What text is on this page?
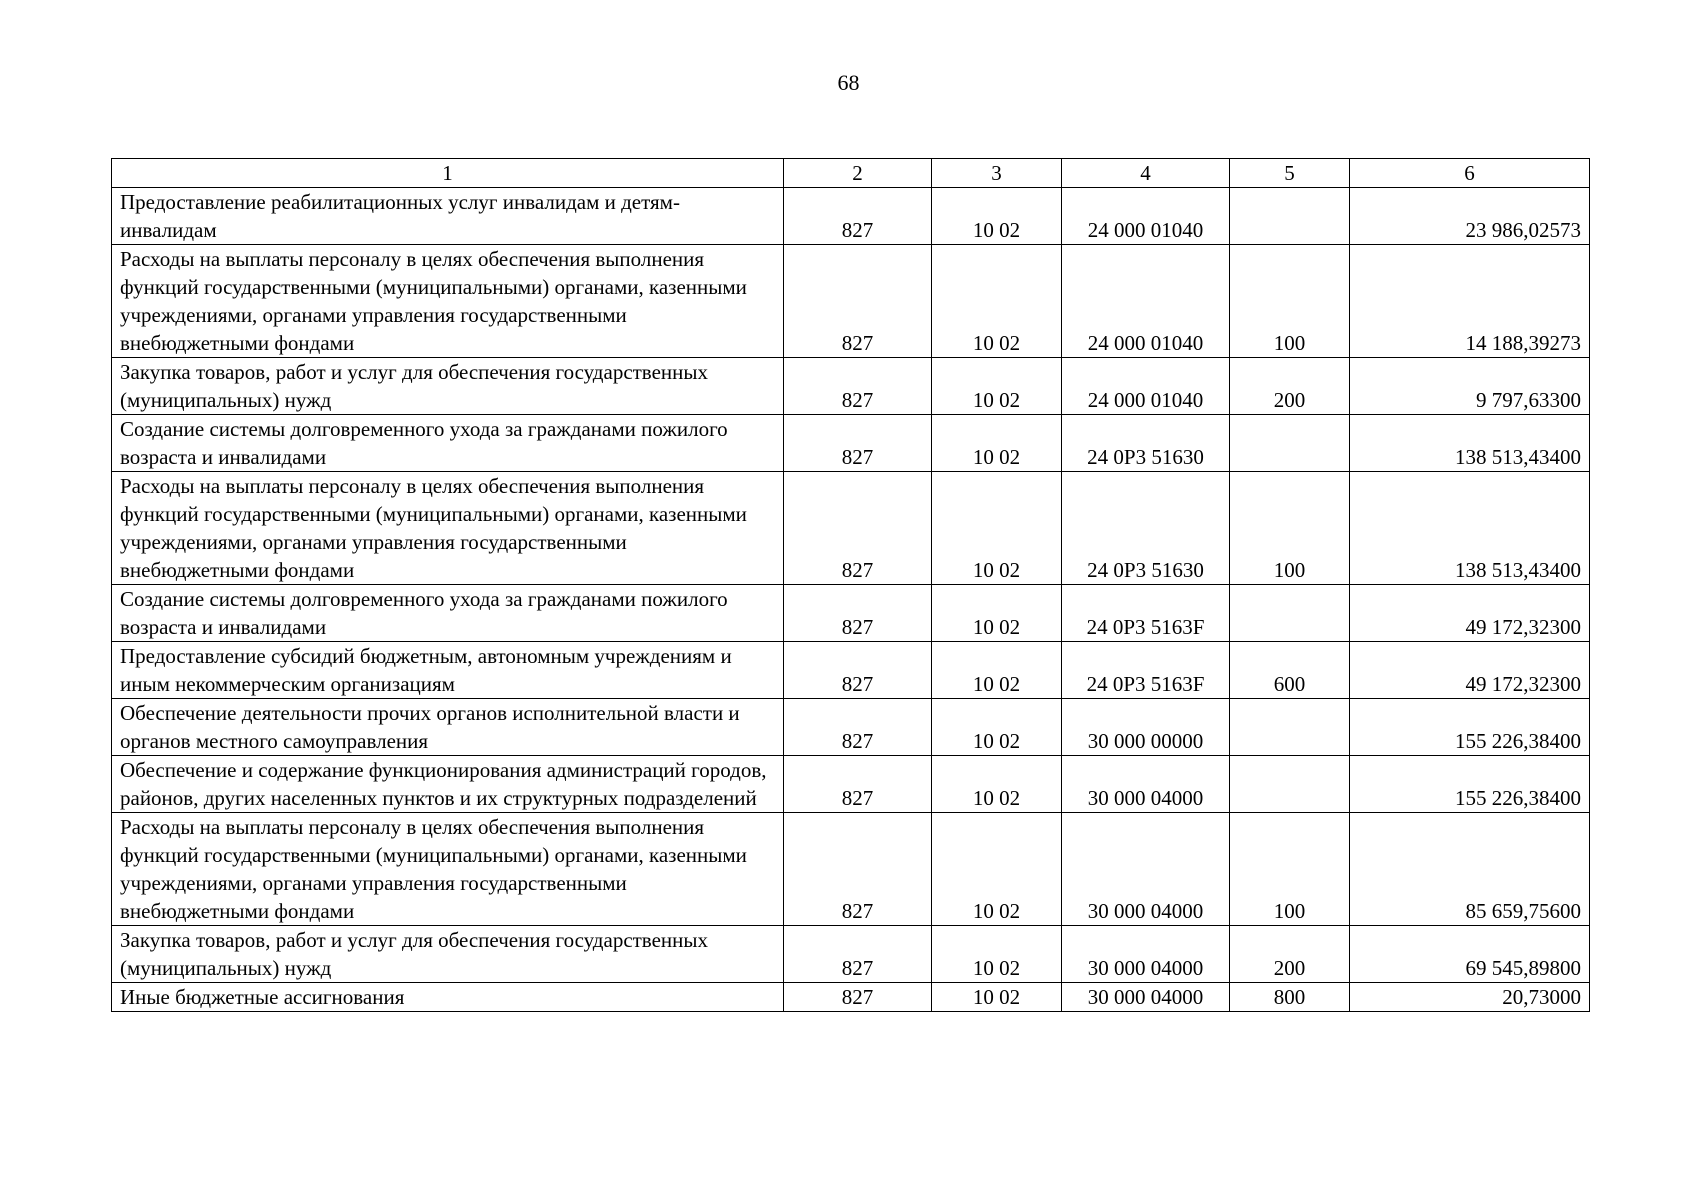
68
1	2	3	4	5	6
Предоставление реабилитационных услуг инвалидам и детям-инвалидам	827	10 02	24 000 01040		23 986,02573
Расходы на выплаты персоналу в целях обеспечения выполнения функций государственными (муниципальными) органами, казенными учреждениями, органами управления государственными внебюджетными фондами	827	10 02	24 000 01040	100	14 188,39273
Закупка товаров, работ и услуг для обеспечения государственных (муниципальных) нужд	827	10 02	24 000 01040	200	9 797,63300
Создание системы долговременного ухода за гражданами пожилого возраста и инвалидами	827	10 02	24 0P3 51630		138 513,43400
Расходы на выплаты персоналу в целях обеспечения выполнения функций государственными (муниципальными) органами, казенными учреждениями, органами управления государственными внебюджетными фондами	827	10 02	24 0P3 51630	100	138 513,43400
Создание системы долговременного ухода за гражданами пожилого возраста и инвалидами	827	10 02	24 0P3 5163F		49 172,32300
Предоставление субсидий бюджетным, автономным учреждениям и иным некоммерческим организациям	827	10 02	24 0P3 5163F	600	49 172,32300
Обеспечение деятельности прочих органов исполнительной власти и органов местного самоуправления	827	10 02	30 000 00000		155 226,38400
Обеспечение и содержание функционирования администраций городов, районов, других населенных пунктов и их структурных подразделений	827	10 02	30 000 04000		155 226,38400
Расходы на выплаты персоналу в целях обеспечения выполнения функций государственными (муниципальными) органами, казенными учреждениями, органами управления государственными внебюджетными фондами	827	10 02	30 000 04000	100	85 659,75600
Закупка товаров, работ и услуг для обеспечения государственных (муниципальных) нужд	827	10 02	30 000 04000	200	69 545,89800
Иные бюджетные ассигнования	827	10 02	30 000 04000	800	20,73000
